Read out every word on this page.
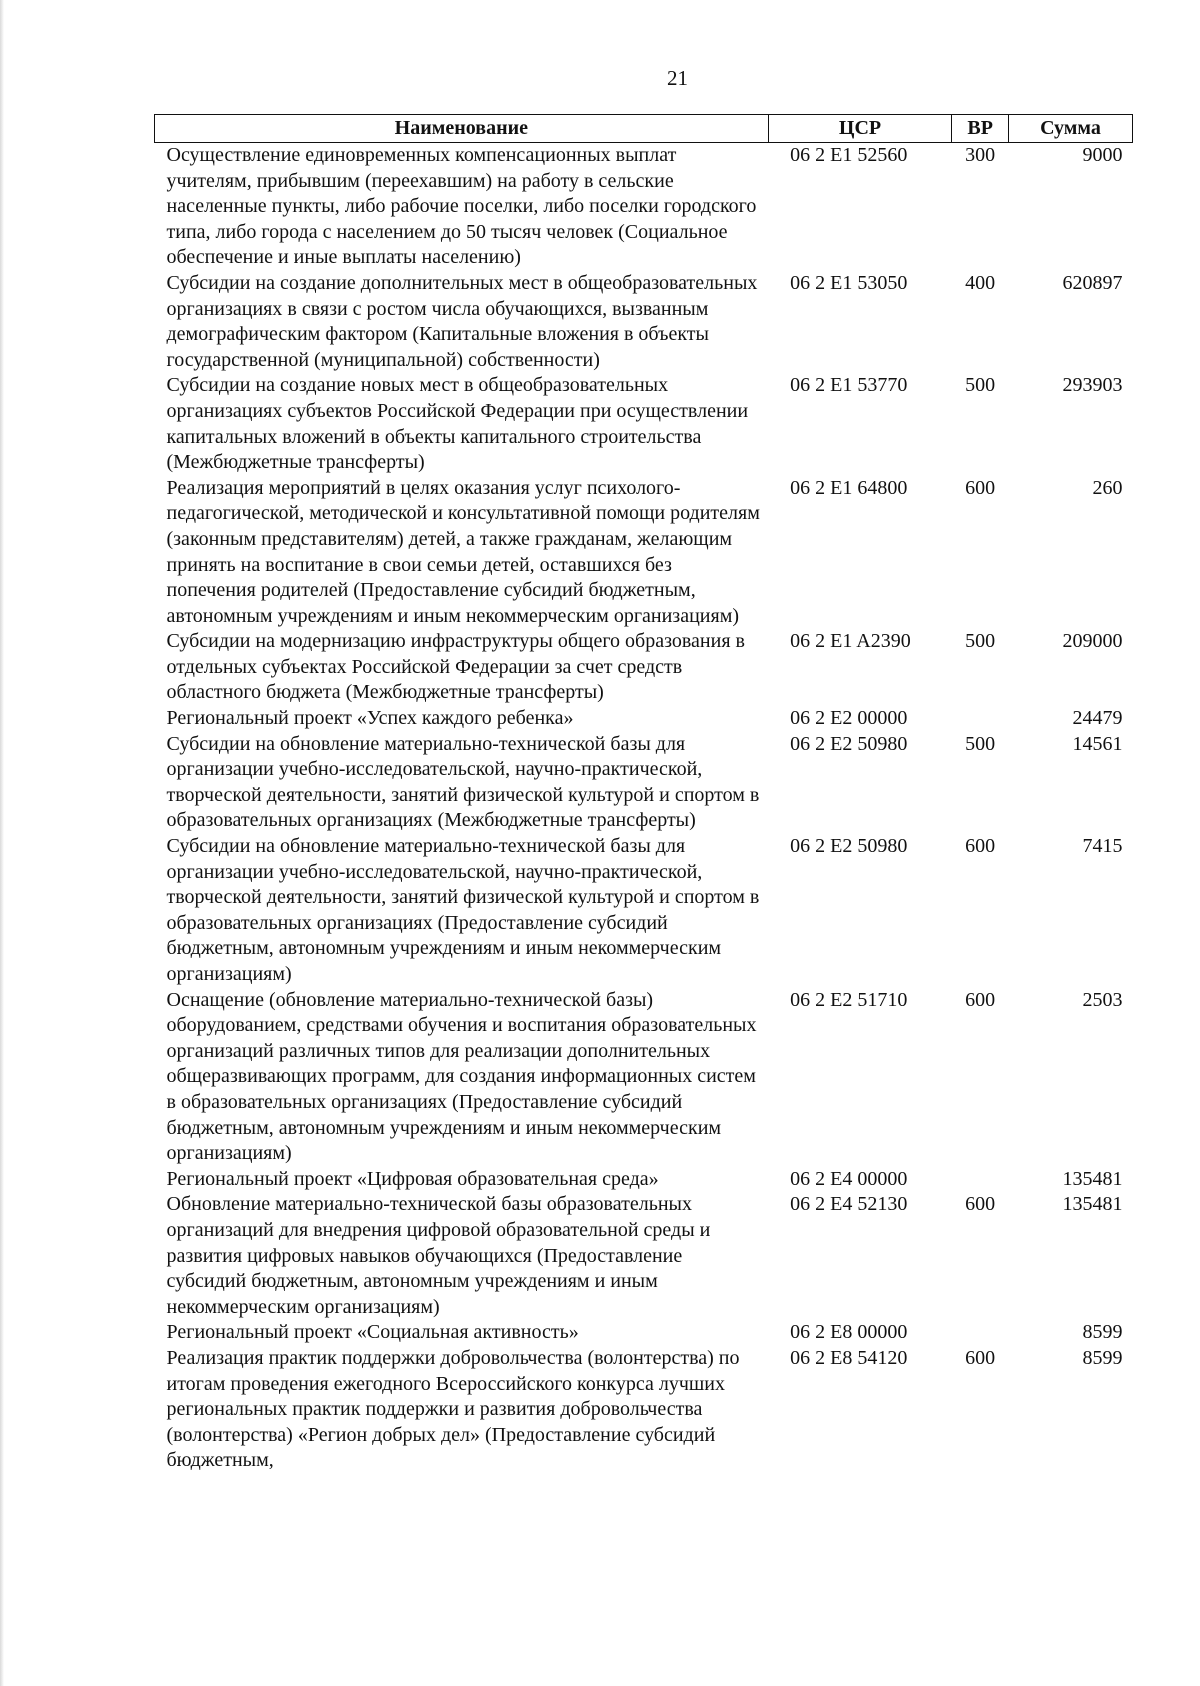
21
Наименование	ЦСР	ВР	Сумма
Осуществление единовременных компенсационных выплат учителям, прибывшим (переехавшим) на работу в сельские населенные пункты, либо рабочие поселки, либо поселки городского типа, либо города с населением до 50 тысяч человек (Социальное обеспечение и иные выплаты населению)	06 2 E1 52560	300	9000
Субсидии на создание дополнительных мест в общеобразовательных организациях в связи с ростом числа обучающихся, вызванным демографическим фактором (Капитальные вложения в объекты государственной (муниципальной) собственности)	06 2 E1 53050	400	620897
Субсидии на создание новых мест в общеобразовательных организациях субъектов Российской Федерации при осуществлении капитальных вложений в объекты капитального строительства (Межбюджетные трансферты)	06 2 E1 53770	500	293903
Реализация мероприятий в целях оказания услуг психолого-педагогической, методической и консультативной помощи родителям (законным представителям) детей, а также гражданам, желающим принять на воспитание в свои семьи детей, оставшихся без попечения родителей (Предоставление субсидий бюджетным, автономным учреждениям и иным некоммерческим организациям)	06 2 E1 64800	600	260
Субсидии на модернизацию инфраструктуры общего образования в отдельных субъектах Российской Федерации за счет средств областного бюджета (Межбюджетные трансферты)	06 2 E1 A2390	500	209000
Региональный проект «Успех каждого ребенка»	06 2 E2 00000		24479
Субсидии на обновление материально-технической базы для организации учебно-исследовательской, научно-практической, творческой деятельности, занятий физической культурой и спортом в образовательных организациях (Межбюджетные трансферты)	06 2 E2 50980	500	14561
Субсидии на обновление материально-технической базы для организации учебно-исследовательской, научно-практической, творческой деятельности, занятий физической культурой и спортом в образовательных организациях (Предоставление субсидий бюджетным, автономным учреждениям и иным некоммерческим организациям)	06 2 E2 50980	600	7415
Оснащение (обновление материально-технической базы) оборудованием, средствами обучения и воспитания образовательных организаций различных типов для реализации дополнительных общеразвивающих программ, для создания информационных систем в образовательных организациях (Предоставление субсидий бюджетным, автономным учреждениям и иным некоммерческим организациям)	06 2 E2 51710	600	2503
Региональный проект «Цифровая образовательная среда»	06 2 E4 00000		135481
Обновление материально-технической базы образовательных организаций для внедрения цифровой образовательной среды и развития цифровых навыков обучающихся (Предоставление субсидий бюджетным, автономным учреждениям и иным некоммерческим организациям)	06 2 E4 52130	600	135481
Региональный проект «Социальная активность»	06 2 E8 00000		8599
Реализация практик поддержки добровольчества (волонтерства) по итогам проведения ежегодного Всероссийского конкурса лучших региональных практик поддержки и развития добровольчества (волонтерства) «Регион добрых дел» (Предоставление субсидий бюджетным,	06 2 E8 54120	600	8599
